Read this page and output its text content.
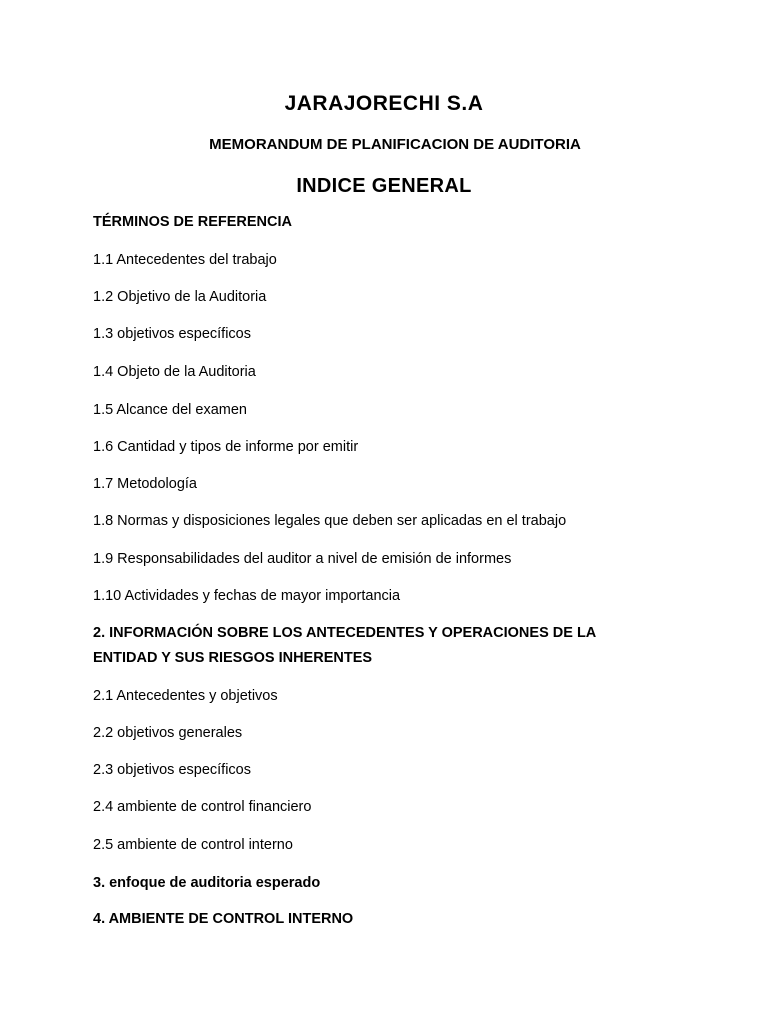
JARAJORECHI S.A
MEMORANDUM DE PLANIFICACION DE AUDITORIA
INDICE GENERAL
TÉRMINOS DE REFERENCIA
1.1 Antecedentes del trabajo
1.2 Objetivo de la Auditoria
1.3 objetivos específicos
1.4 Objeto de la Auditoria
1.5 Alcance del examen
1.6 Cantidad y tipos de informe por emitir
1.7 Metodología
1.8 Normas y disposiciones legales que deben ser aplicadas en el trabajo
1.9 Responsabilidades del auditor a nivel de emisión de informes
1.10 Actividades y fechas de mayor importancia
2. INFORMACIÓN SOBRE LOS ANTECEDENTES Y OPERACIONES DE LA ENTIDAD Y SUS RIESGOS INHERENTES
2.1 Antecedentes y objetivos
2.2 objetivos generales
2.3 objetivos específicos
2.4 ambiente de control financiero
2.5 ambiente de control interno
3. enfoque de auditoria esperado
4. AMBIENTE DE CONTROL INTERNO
